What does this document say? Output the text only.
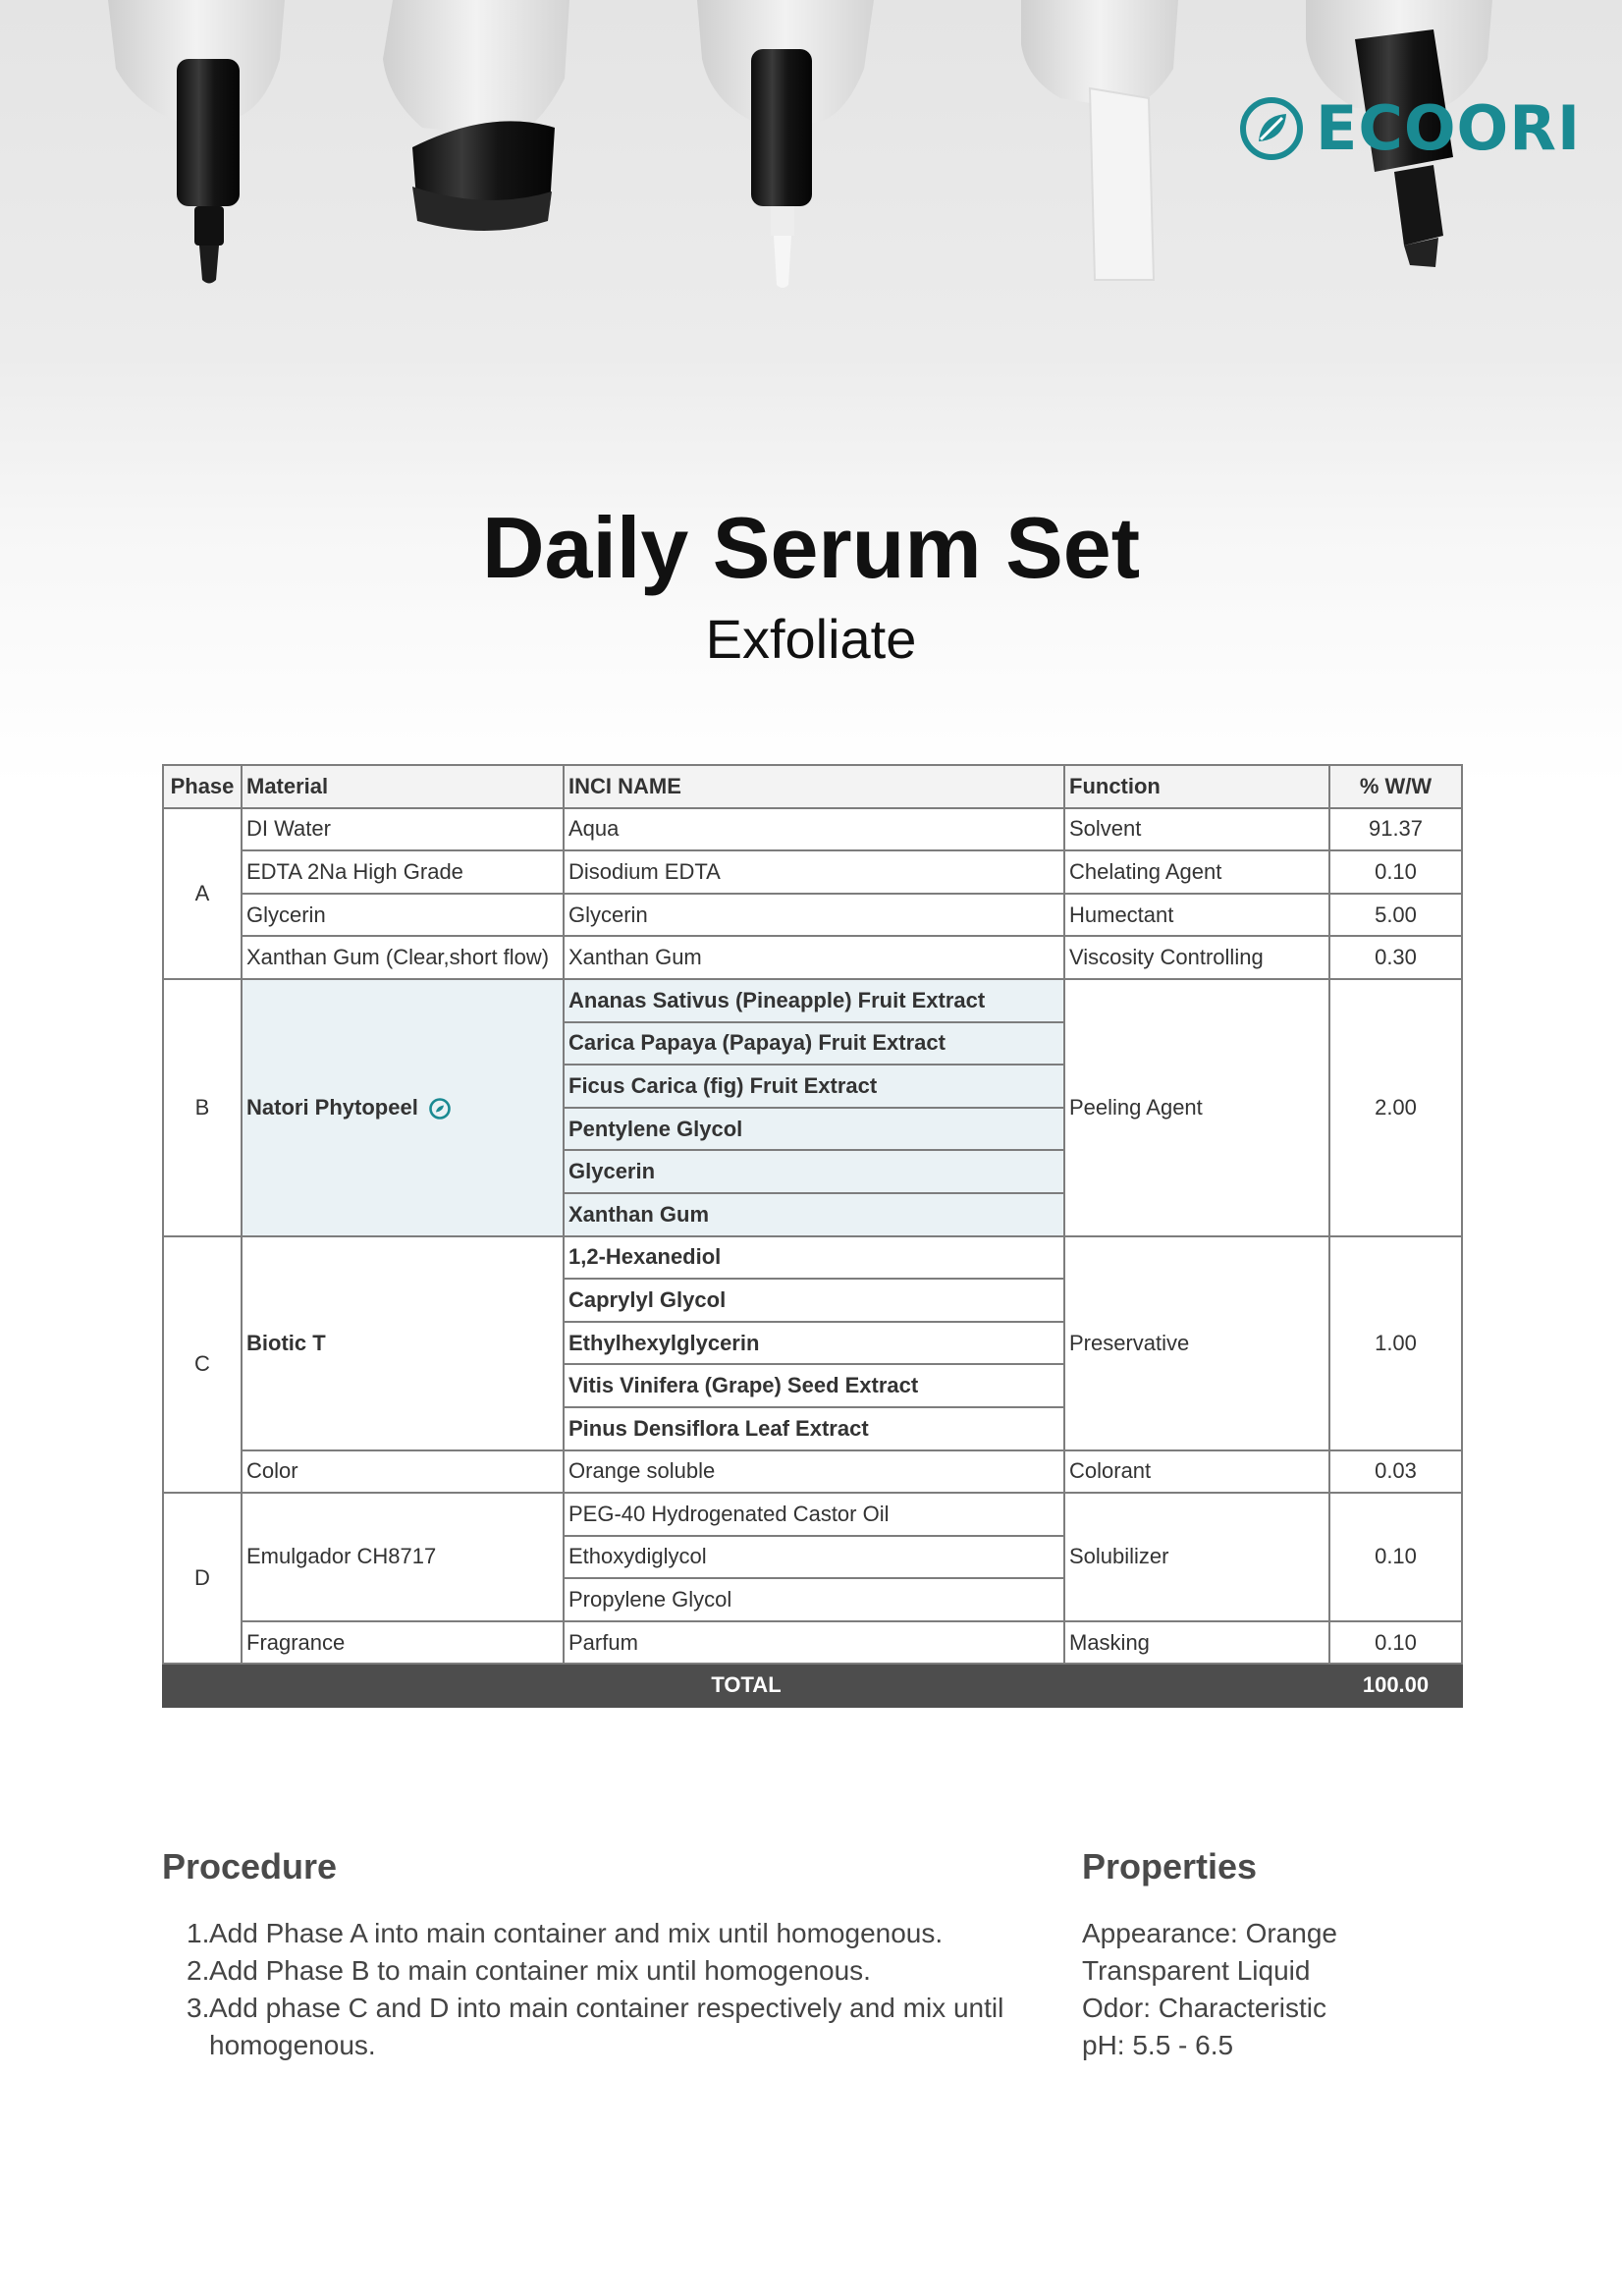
ECOORI
Daily Serum Set
Exfoliate
Phase	Material	INCI NAME	Function	% W/W
A	DI Water	Aqua	Solvent	91.37
	EDTA 2Na High Grade	Disodium EDTA	Chelating Agent	0.10
	Glycerin	Glycerin	Humectant	5.00
	Xanthan Gum (Clear,short flow)	Xanthan Gum	Viscosity Controlling	0.30
B	Natori Phytopeel	Ananas Sativus (Pineapple) Fruit Extract	Peeling Agent	2.00
		Carica Papaya (Papaya) Fruit Extract		
		Ficus Carica (fig) Fruit Extract		
		Pentylene Glycol		
		Glycerin		
		Xanthan Gum		
C	Biotic T	1,2-Hexanediol	Preservative	1.00
		Caprylyl Glycol		
		Ethylhexylglycerin		
		Vitis Vinifera (Grape) Seed Extract		
		Pinus Densiflora Leaf Extract		
	Color	Orange soluble	Colorant	0.03
D	Emulgador CH8717	PEG-40 Hydrogenated Castor Oil	Solubilizer	0.10
		Ethoxydiglycol		
		Propylene Glycol		
	Fragrance	Parfum	Masking	0.10
TOTAL				100.00
Procedure
1. Add Phase A into main container and mix until homogenous.
2. Add Phase B to main container mix until homogenous.
3. Add phase C and D into main container respectively and mix until homogenous.
Properties
Appearance: Orange Transparent Liquid
Odor: Characteristic
pH: 5.5 - 6.5
